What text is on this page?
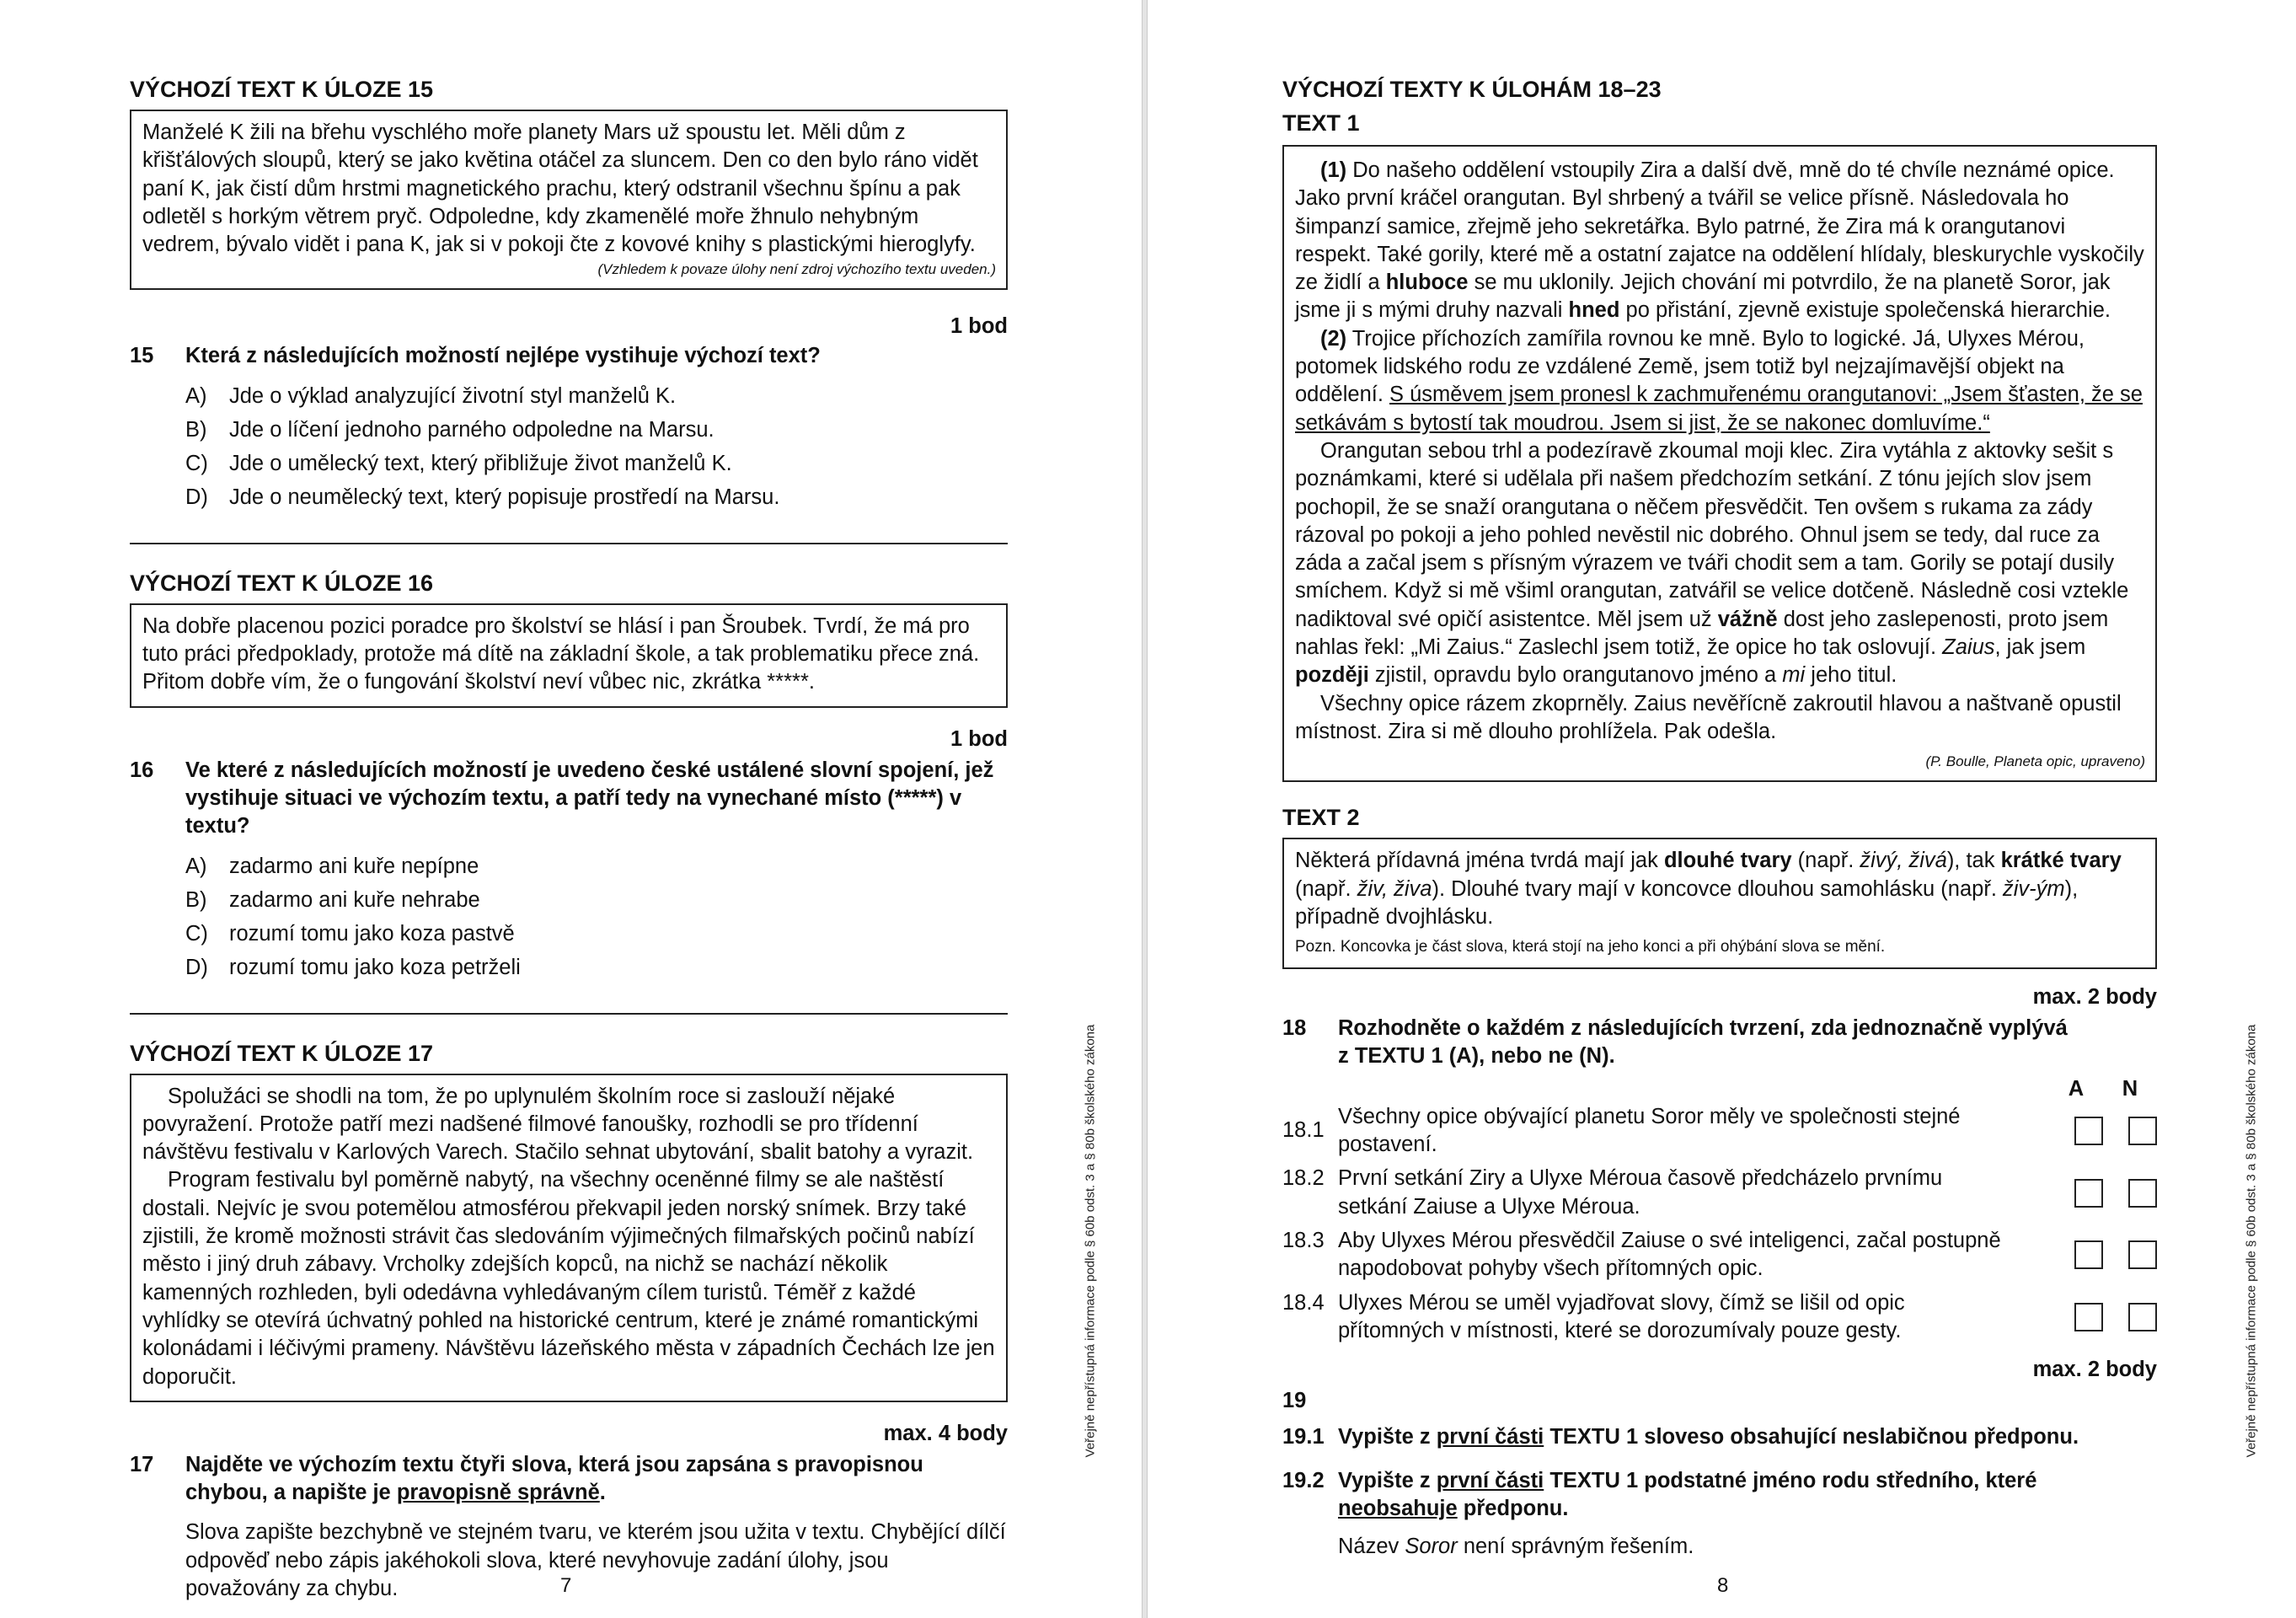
VÝCHOZÍ TEXT K ÚLOZE 15

Manželé K žili na břehu vyschlého moře planety Mars už spoustu let. Měli dům z křišťálových sloupů, který se jako květina otáčel za sluncem. Den co den bylo ráno vidět paní K, jak čistí dům hrstmi magnetického prachu, který odstranil všechnu špínu a pak odletěl s horkým větrem pryč. Odpoledne, kdy zkamenělé moře žhnulo nehybným vedrem, bývalo vidět i pana K, jak si v pokoji čte z kovové knihy s plastickými hieroglyfy.

(Vzhledem k povaze úlohy není zdroj výchozího textu uveden.)
1 bod
15	Která z následujících možností nejlépe vystihuje výchozí text?
A)	Jde o výklad analyzující životní styl manželů K.
B)	Jde o líčení jednoho parného odpoledne na Marsu.
C) Jde o umělecký text, který přibližuje život manželů K.
D) Jde o neumělecký text, který popisuje prostředí na Marsu.
VÝCHOZÍ TEXT K ÚLOZE 16

Na dobře placenou pozici poradce pro školství se hlásí i pan Šroubek. Tvrdí, že má pro tuto práci předpoklady, protože má dítě na základní škole, a tak problematiku přece zná. Přitom dobře vím, že o fungování školství neví vůbec nic, zkrátka *****.

1 bod
16	Ve které z následujících možností je uvedeno české ustálené slovní spojení, jež vystihuje situaci ve výchozím textu, a patří tedy na vynechané místo (*****) v textu?
A)	zadarmo ani kuře nepípne
B)	zadarmo ani kuře nehrabe
C) rozumí tomu jako koza pastvě
D) rozumí tomu jako koza petrželi
VÝCHOZÍ TEXT K ÚLOZE 17

Spolužáci se shodli na tom, že po uplynulém školním roce si zaslouží nějaké povyražení. Protože patří mezi nadšené filmové fanoušky, rozhodli se pro třídenní návštěvu festivalu v Karlových Varech. Stačilo sehnat ubytování, sbalit batohy a vyrazit.

Program festivalu byl poměrně nabytý, na všechny oceněnné filmy se ale naštěstí dostali. Nejvíc je svou potemělou atmosférou překvapil jeden norský snímek. Brzy také zjistili, že kromě možnosti strávit čas sledováním výjimečných filmařských počinů nabízí město i jiný druh zábavy. Vrcholky zdejších kopců, na nichž se nachází několik kamenných rozhleden, byli odedávna vyhledávaným cílem turistů. Téměř z každé vyhlídky se otevírá úchvatný pohled na historické centrum, které je známé romantickými kolonádami i léčivými prameny. Návštěvu lázeňského města v západních Čechách lze jen doporučit.

max. 4 body
17	Najděte ve výchozím textu čtyři slova, která jsou zapsána s pravopisnou chybou, a napište je pravopisně správně.
Slova zapište bezchybně ve stejném tvaru, ve kterém jsou užita v textu. Chybějící dílčí odpověď nebo zápis jakéhokoli slova, které nevyhovuje zadání úlohy, jsou považovány za chybu.	7
Veřejně nepřístupná informace podle § 60b odst. 3 a § 80b školského zákona
VÝCHOZÍ TEXTY K ÚLOHÁM 18–23
TEXT 1

(1) Do našeho oddělení vstoupily Zira a další dvě, mně do té chvíle neznámé opice. Jako první kráčel orangutan. Byl shrbený a tvářil se velice přísně. Následovala ho šimpanzí samice, zřejmě jeho sekretářka. Bylo patrné, že Zira má k orangutanovi respekt. Také gorily, které mě a ostatní zajatce na oddělení hlídaly, bleskurychle vyskočily ze židlí a hluboce se mu uklonily. Jejich chování mi potvrdilo, že na planetě Soror, jak jsme ji s mými druhy nazvali hned po přistání, zjevně existuje společenská hierarchie.

(2) Trojice příchozích zamířila rovnou ke mně. Bylo to logické. Já, Ulyxes Mérou, potomek lidského rodu ze vzdálené Země, jsem totiž byl nejzajímavější objekt na oddělení. S úsměvem jsem pronesl k zachmuřenému orangutanovi: „Jsem šťasten, že se setkávám s bytostí tak moudrou. Jsem si jist, že se nakonec domluvíme.“

Orangutan sebou trhl a podezíravě zkoumal moji klec. Zira vytáhla z aktovky sešit s poznámkami, které si udělala při našem předchozím setkání. Z tónu jejích slov jsem pochopil, že se snaží orangutana o něčem přesvědčit. Ten ovšem s rukama za zády rázoval po pokoji a jeho pohled nevěstil nic dobrého. Ohnul jsem se tedy, dal ruce za záda a začal jsem s přísným výrazem ve tváři chodit sem a tam. Gorily se potají dusily smíchem. Když si mě všiml orangutan, zatvářil se velice dotčeně. Následně cosi vztekle nadiktoval své opičí asistentce. Měl jsem už vážně dost jeho zaslepenosti, proto jsem nahlas řekl: „Mi Zaius.“ Zaslechl jsem totiž, že opice ho tak oslovují. Zaius, jak jsem později zjistil, opravdu bylo orangutanovo jméno a mi jeho titul.

Všechny opice rázem zkoprněly. Zaius nevěřícně zakroutil hlavou a naštvaně opustil místnost. Zira si mě dlouho prohlížela. Pak odešla.

(P. Boulle, Planeta opic, upraveno)
TEXT 2

Některá přídavná jména tvrdá mají jak dlouhé tvary (např. živý, živá), tak krátké tvary (např. živ, živa). Dlouhé tvary mají v koncovce dlouhou samohlásku (např. živ-ým), případně dvojhlásku.

Pozn. Koncovka je část slova, která stojí na jeho konci a při ohýbání slova se mění.
max. 2 body
18	Rozhodněte o každém z následujících tvrzení, zda jednoznačně vyplývá z TEXTU 1 (A), nebo ne (N).
A	N
18.1
Všechny opice obývající planetu Soror měly ve společnosti stejné postavení.
18.2 První setkání Ziry a Ulyxe Mérouа časově předcházelo prvnímu setkání Zaiuse a Ulyxe Mérouа.
18.3 Aby Ulyxes Mérou přesvědčil Zaiuse o své inteligenci, začal postupně napodobovat pohyby všech přítomných opic.
18.4 Ulyxes Mérou se uměl vyjadřovat slovy, čímž se lišil od opic přítomných v místnosti, které se dorozumívaly pouze gesty.
max. 2 body
19
19.1 Vypište z první části TEXTU 1 sloveso obsahující neslabičnou předponu.
19.2 Vypište z první části TEXTU 1 podstatné jméno rodu středního, které neobsahuje předponu.
Název Soror není správným řešením.
8
Veřejně nepřístupná informace podle § 60b odst. 3 a § 80b školského zákona
